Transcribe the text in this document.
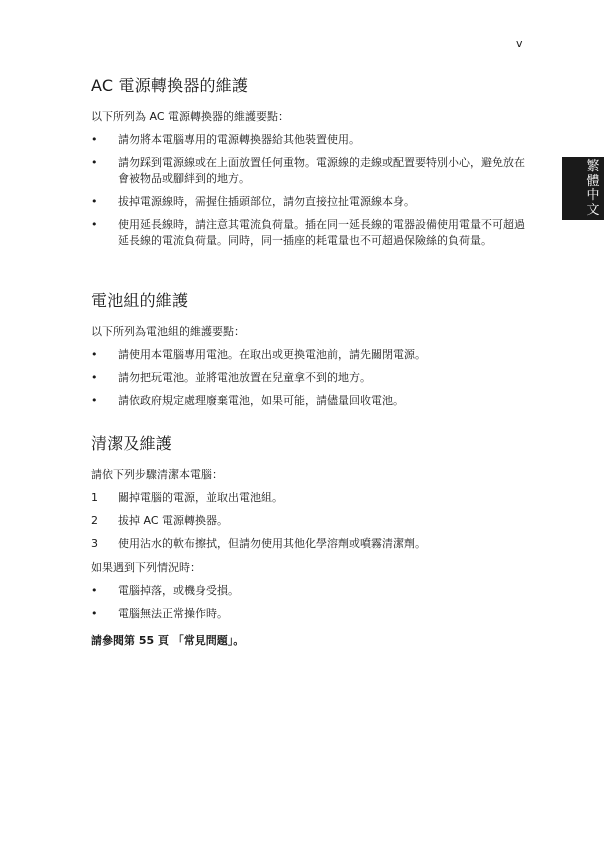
v
繁
體
中
文
AC 電源轉換器的維護

以下所列為 AC 電源轉換器的維護要點：

•	請勿將本電腦專用的電源轉換器給其他裝置使用。
•	請勿踩到電源線或在上面放置任何重物。電源線的走線或配置要特別小心，避免放在會被物品或腳絆到的地方。
•	拔掉電源線時，需握住插頭部位，請勿直接拉扯電源線本身。
•	使用延長線時，請注意其電流負荷量。插在同一延長線的電器設備使用電量不可超過延長線的電流負荷量。同時，同一插座的耗電量也不可超過保險絲的負荷量。
電池組的維護

以下所列為電池組的維護要點：

•	請使用本電腦專用電池。在取出或更換電池前，請先關閉電源。
•	請勿把玩電池。並將電池放置在兒童拿不到的地方。
•	請依政府規定處理廢棄電池，如果可能，請儘量回收電池。
清潔及維護

請依下列步驟清潔本電腦：

1	關掉電腦的電源，並取出電池組。
2	拔掉 AC 電源轉換器。
3	使用沾水的軟布擦拭，但請勿使用其他化學溶劑或噴霧清潔劑。

如果遇到下列情況時：

•	電腦掉落，或機身受損。
•	電腦無法正常操作時。

請參閱第 55 頁 「常見問題」。
